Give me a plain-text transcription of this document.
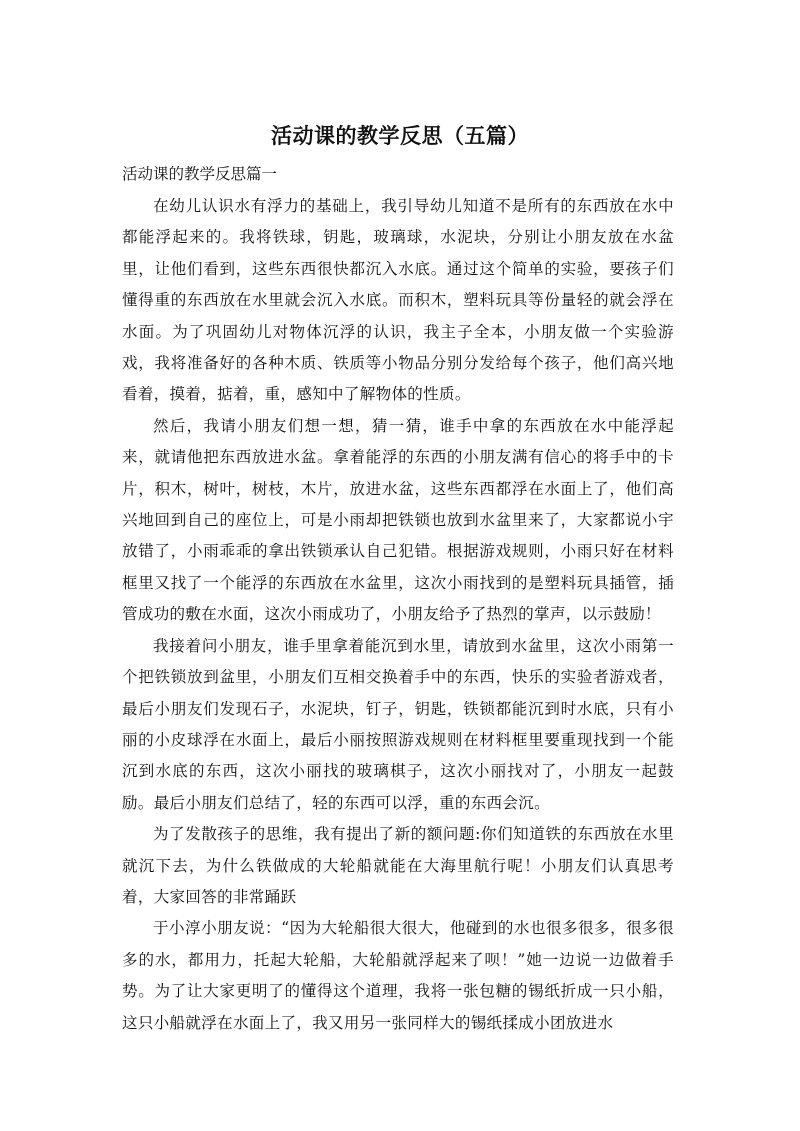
活动课的教学反思（五篇）

活动课的教学反思篇一

在幼儿认识水有浮力的基础上，我引导幼儿知道不是所有的东西放在水中都能浮起来的。我将铁球，钥匙，玻璃球，水泥块，分别让小朋友放在水盆里，让他们看到，这些东西很快都沉入水底。通过这个简单的实验，要孩子们懂得重的东西放在水里就会沉入水底。而积木，塑料玩具等份量轻的就会浮在水面。为了巩固幼儿对物体沉浮的认识，我主子全本，小朋友做一个实验游戏，我将准备好的各种木质、铁质等小物品分别分发给每个孩子，他们高兴地看着，摸着，掂着，重，感知中了解物体的性质。

然后，我请小朋友们想一想，猜一猜，谁手中拿的东西放在水中能浮起来，就请他把东西放进水盆。拿着能浮的东西的小朋友满有信心的将手中的卡片，积木，树叶，树枝，木片，放进水盆，这些东西都浮在水面上了，他们高兴地回到自己的座位上，可是小雨却把铁锁也放到水盆里来了，大家都说小宇放错了，小雨乖乖的拿出铁锁承认自己犯错。根据游戏规则，小雨只好在材料框里又找了一个能浮的东西放在水盆里，这次小雨找到的是塑料玩具插管，插管成功的敷在水面，这次小雨成功了，小朋友给予了热烈的掌声，以示鼓励！

我接着问小朋友，谁手里拿着能沉到水里，请放到水盆里，这次小雨第一个把铁锁放到盆里，小朋友们互相交换着手中的东西，快乐的实验者游戏者，最后小朋友们发现石子，水泥块，钉子，钥匙，铁锁都能沉到时水底，只有小丽的小皮球浮在水面上，最后小丽按照游戏规则在材料框里要重现找到一个能沉到水底的东西，这次小丽找的玻璃棋子，这次小丽找对了，小朋友一起鼓励。最后小朋友们总结了，轻的东西可以浮，重的东西会沉。

为了发散孩子的思维，我有提出了新的额问题:你们知道铁的东西放在水里就沉下去，为什么铁做成的大轮船就能在大海里航行呢！小朋友们认真思考着，大家回答的非常踊跃

于小淳小朋友说：“因为大轮船很大很大，他碰到的水也很多很多，很多很多的水，都用力，托起大轮船，大轮船就浮起来了呗！”她一边说一边做着手势。为了让大家更明了的懂得这个道理，我将一张包糖的锡纸折成一只小船，这只小船就浮在水面上了，我又用另一张同样大的锡纸揉成小团放进水
